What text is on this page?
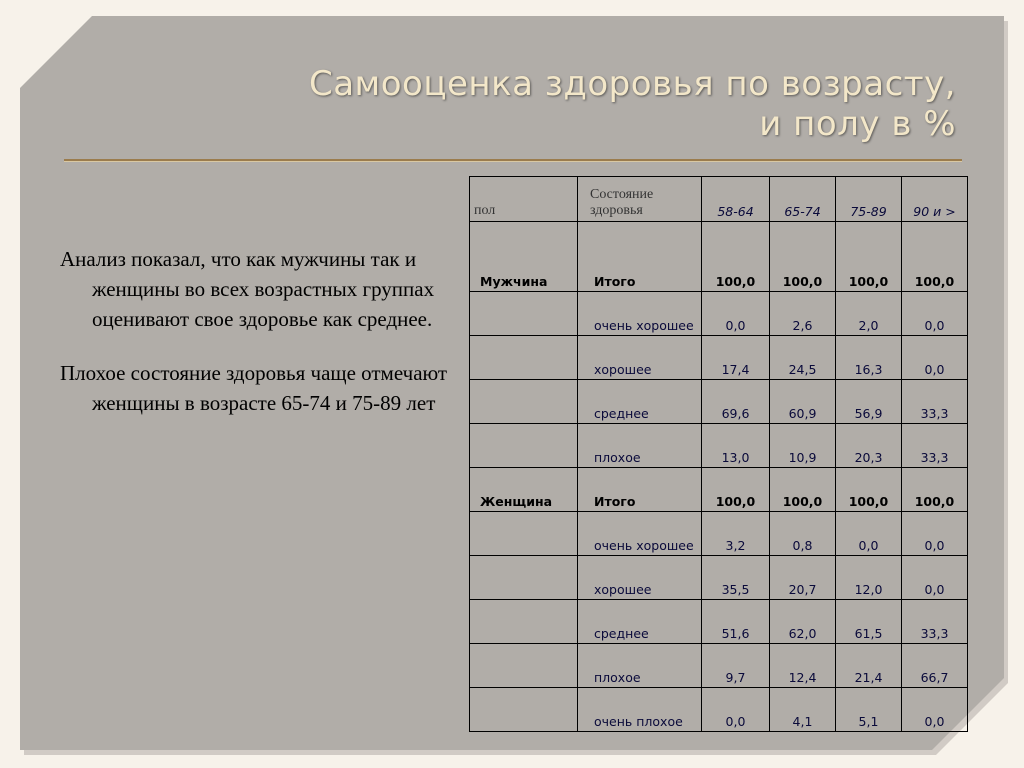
Самооценка здоровья по возрасту,
и полу в %

Анализ показал, что как мужчины так и женщины во всех возрастных группах оценивают свое здоровье как среднее.

Плохое состояние здоровья чаще отмечают женщины в возрасте 65-74 и 75-89 лет

пол	Состояние здоровья	58-64	65-74	75-89	90 и >
Мужчина	Итого	100,0	100,0	100,0	100,0
	очень хорошее	0,0	2,6	2,0	0,0
	хорошее	17,4	24,5	16,3	0,0
	среднее	69,6	60,9	56,9	33,3
	плохое	13,0	10,9	20,3	33,3
Женщина	Итого	100,0	100,0	100,0	100,0
	очень хорошее	3,2	0,8	0,0	0,0
	хорошее	35,5	20,7	12,0	0,0
	среднее	51,6	62,0	61,5	33,3
	плохое	9,7	12,4	21,4	66,7
	очень плохое	0,0	4,1	5,1	0,0
